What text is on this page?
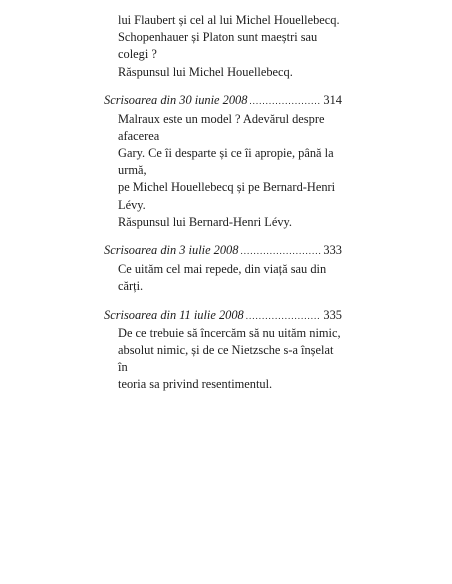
lui Flaubert și cel al lui Michel Houellebecq.

Schopenhauer și Platon sunt maeștri sau colegi ?

Răspunsul lui Michel Houellebecq.

Scrisoarea din 30 iunie 2008 .....	314

Malraux este un model ? Adevărul despre afacerea

Gary. Ce îi desparte și ce îi apropie, până la urmă,

pe Michel Houellebecq și pe Bernard-Henri Lévy.

Răspunsul lui Bernard-Henri Lévy.

Scrisoarea din 3 iulie 2008 .....	333

Ce uităm cel mai repede, din viață sau din cărți.

Scrisoarea din 11 iulie 2008 .....	335

De ce trebuie să încercăm să nu uităm nimic,

absolut nimic, și de ce Nietzsche s-a înșelat în

teoria sa privind resentimentul.
